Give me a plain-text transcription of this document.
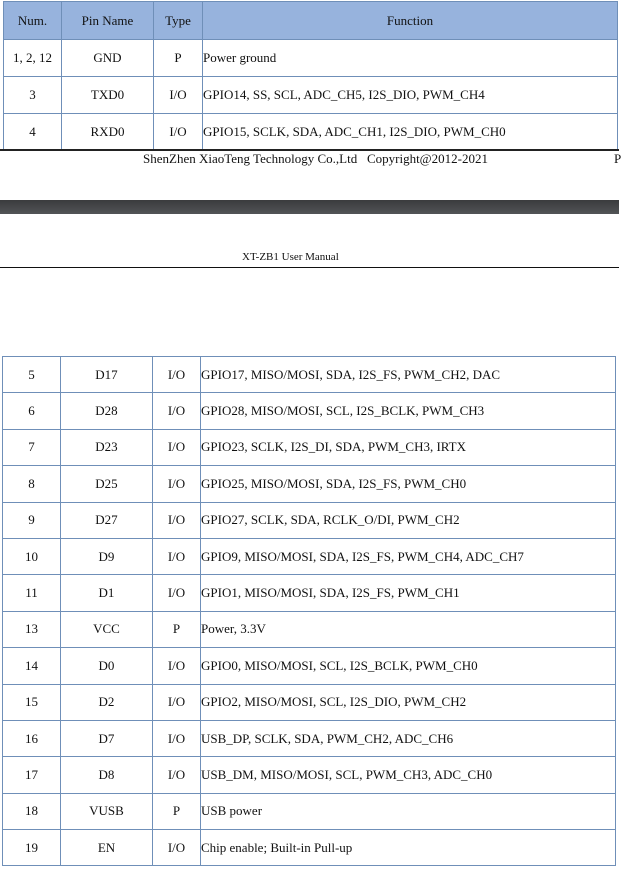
Num.	Pin Name	Type	Function
1, 2, 12	GND	P	Power ground
3	TXD0	I/O	GPIO14, SS, SCL, ADC_CH5, I2S_DIO, PWM_CH4
4	RXD0	I/O	GPIO15, SCLK, SDA, ADC_CH1, I2S_DIO, PWM_CH0
ShenZhen XiaoTeng Technology Co.,Ltd   Copyright@2012-2021	P
XT-ZB1 User Manual
5	D17	I/O	GPIO17, MISO/MOSI, SDA, I2S_FS, PWM_CH2, DAC
6	D28	I/O	GPIO28, MISO/MOSI, SCL, I2S_BCLK, PWM_CH3
7	D23	I/O	GPIO23, SCLK, I2S_DI, SDA, PWM_CH3, IRTX
8	D25	I/O	GPIO25, MISO/MOSI, SDA, I2S_FS, PWM_CH0
9	D27	I/O	GPIO27, SCLK, SDA, RCLK_O/DI, PWM_CH2
10	D9	I/O	GPIO9, MISO/MOSI, SDA, I2S_FS, PWM_CH4, ADC_CH7
11	D1	I/O	GPIO1, MISO/MOSI, SDA, I2S_FS, PWM_CH1
13	VCC	P	Power, 3.3V
14	D0	I/O	GPIO0, MISO/MOSI, SCL, I2S_BCLK, PWM_CH0
15	D2	I/O	GPIO2, MISO/MOSI, SCL, I2S_DIO, PWM_CH2
16	D7	I/O	USB_DP, SCLK, SDA, PWM_CH2, ADC_CH6
17	D8	I/O	USB_DM, MISO/MOSI, SCL, PWM_CH3, ADC_CH0
18	VUSB	P	USB power
19	EN	I/O	Chip enable; Built-in Pull-up
